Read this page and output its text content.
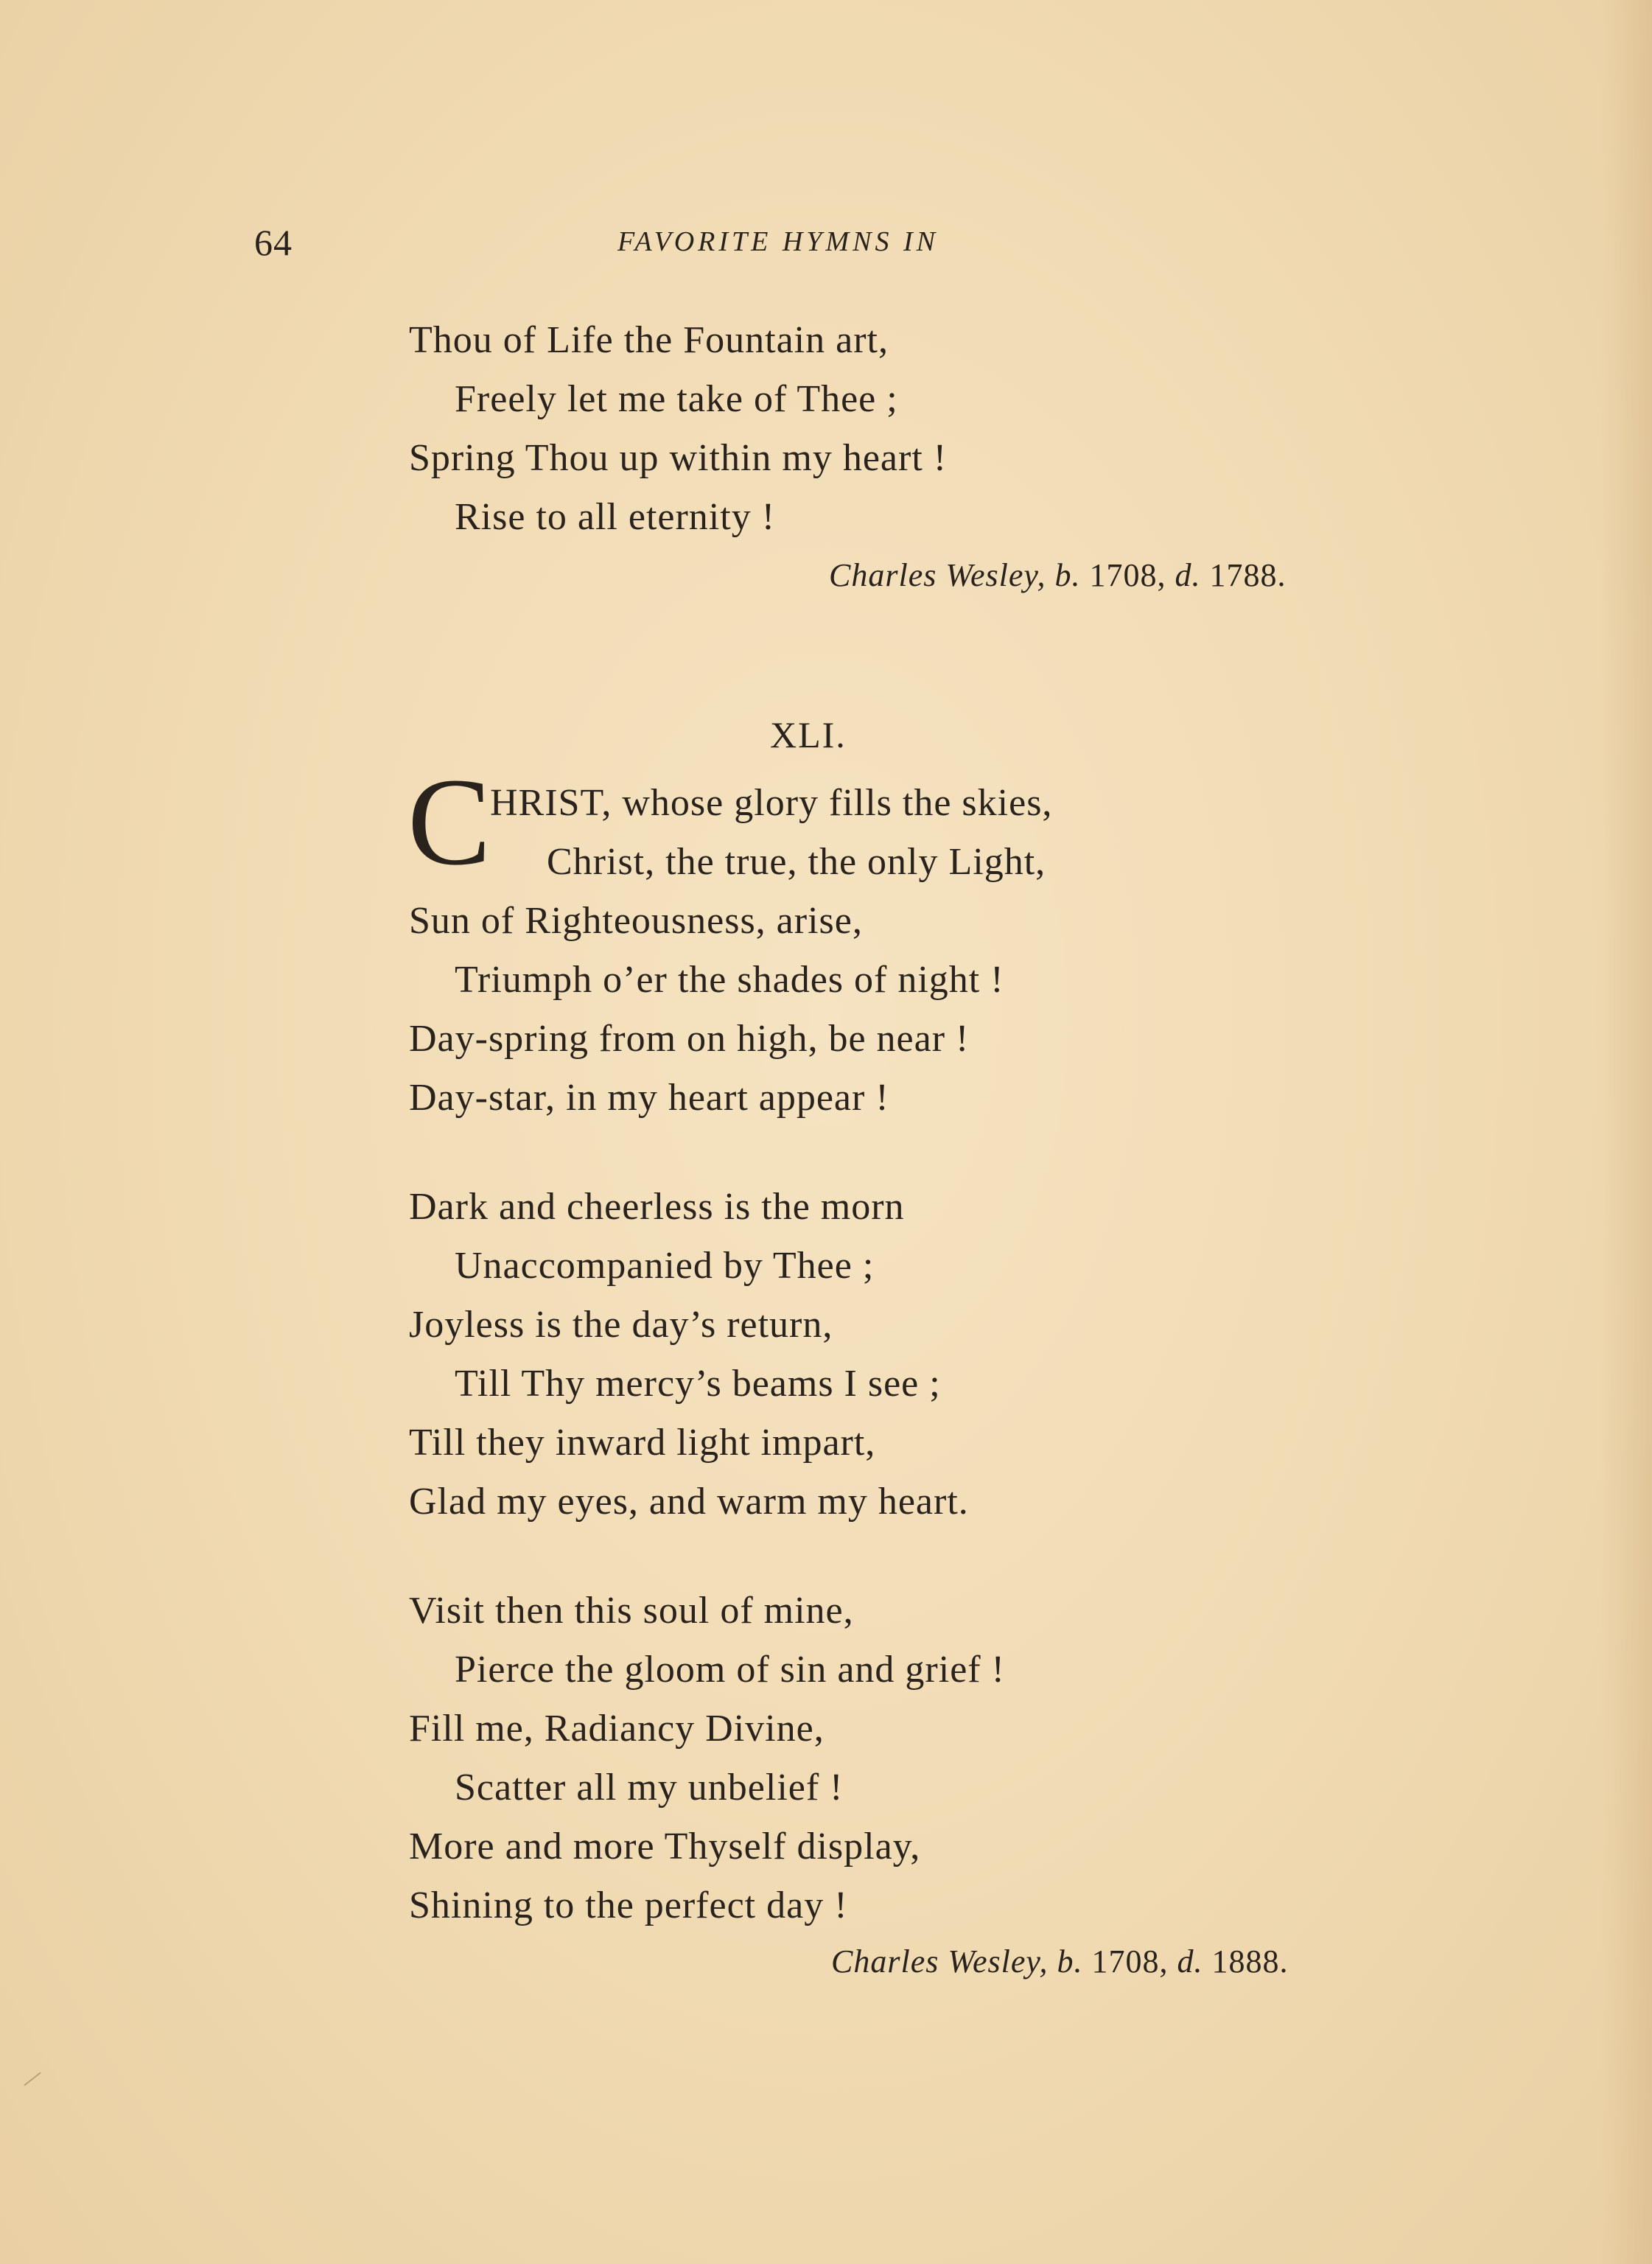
64	FAVORITE HYMNS IN
Thou of Life the Fountain art,
Freely let me take of Thee ;
Spring Thou up within my heart !
Rise to all eternity !
Charles Wesley, b. 1708, d. 1788.
XLI.
C
HRIST, whose glory fills the skies,
Christ, the true, the only Light,
Sun of Righteousness, arise,
Triumph o’er the shades of night !
Day-spring from on high, be near !
Day-star, in my heart appear !
Dark and cheerless is the morn
Unaccompanied by Thee ;
Joyless is the day’s return,
Till Thy mercy’s beams I see ;
Till they inward light impart,
Glad my eyes, and warm my heart.
Visit then this soul of mine,
Pierce the gloom of sin and grief !
Fill me, Radiancy Divine,
Scatter all my unbelief !
More and more Thyself display,
Shining to the perfect day !
Charles Wesley, b. 1708, d. 1888.
